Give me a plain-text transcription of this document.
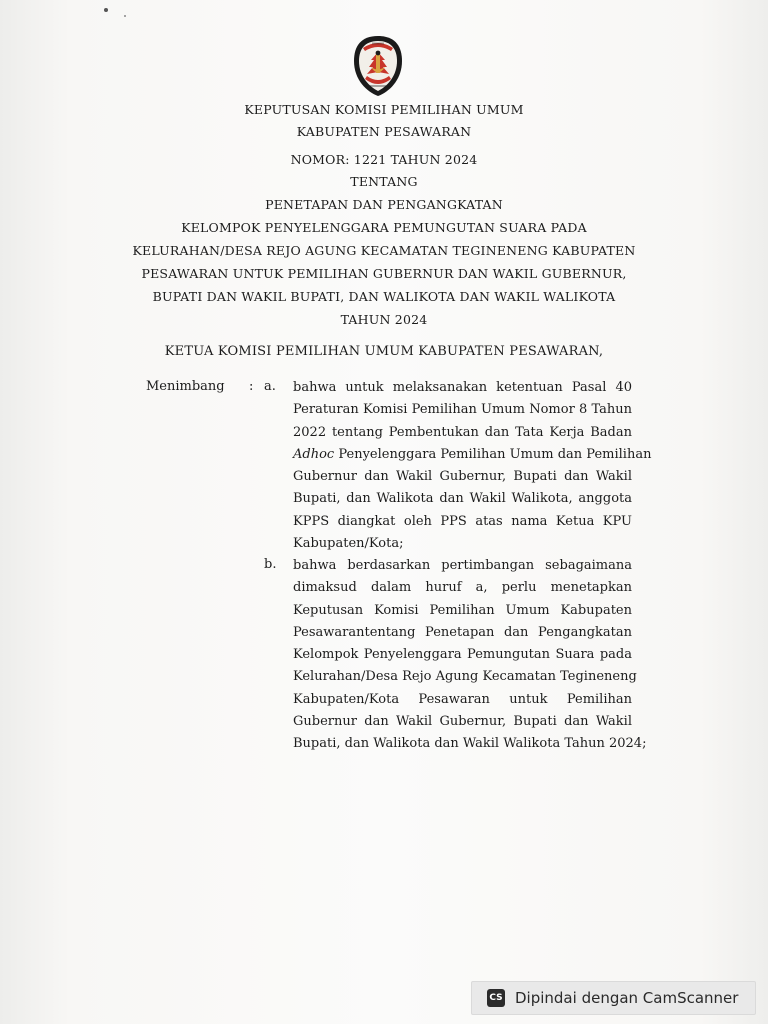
KEPUTUSAN KOMISI PEMILIHAN UMUM
KABUPATEN PESAWARAN
NOMOR: 1221 TAHUN 2024
TENTANG
PENETAPAN DAN PENGANGKATAN
KELOMPOK PENYELENGGARA PEMUNGUTAN SUARA PADA
KELURAHAN/DESA REJO AGUNG KECAMATAN TEGINENENG KABUPATEN
PESAWARAN UNTUK PEMILIHAN GUBERNUR DAN WAKIL GUBERNUR,
BUPATI DAN WAKIL BUPATI, DAN WALIKOTA DAN WAKIL WALIKOTA
TAHUN 2024
KETUA KOMISI PEMILIHAN UMUM KABUPATEN PESAWARAN,
Menimbang : a. bahwa untuk melaksanakan ketentuan Pasal 40
Peraturan Komisi Pemilihan Umum Nomor 8 Tahun
2022 tentang Pembentukan dan Tata Kerja Badan
Adhoc Penyelenggara Pemilihan Umum dan Pemilihan
Gubernur dan Wakil Gubernur, Bupati dan Wakil
Bupati, dan Walikota dan Wakil Walikota, anggota
KPPS diangkat oleh PPS atas nama Ketua KPU
Kabupaten/Kota;
b. bahwa berdasarkan pertimbangan sebagaimana
dimaksud dalam huruf a, perlu menetapkan
Keputusan Komisi Pemilihan Umum Kabupaten
Pesawarantentang Penetapan dan Pengangkatan
Kelompok Penyelenggara Pemungutan Suara pada
Kelurahan/Desa Rejo Agung Kecamatan Tegineneng
Kabupaten/Kota Pesawaran untuk Pemilihan
Gubernur dan Wakil Gubernur, Bupati dan Wakil
Bupati, dan Walikota dan Wakil Walikota Tahun 2024;
CS Dipindai dengan CamScanner
